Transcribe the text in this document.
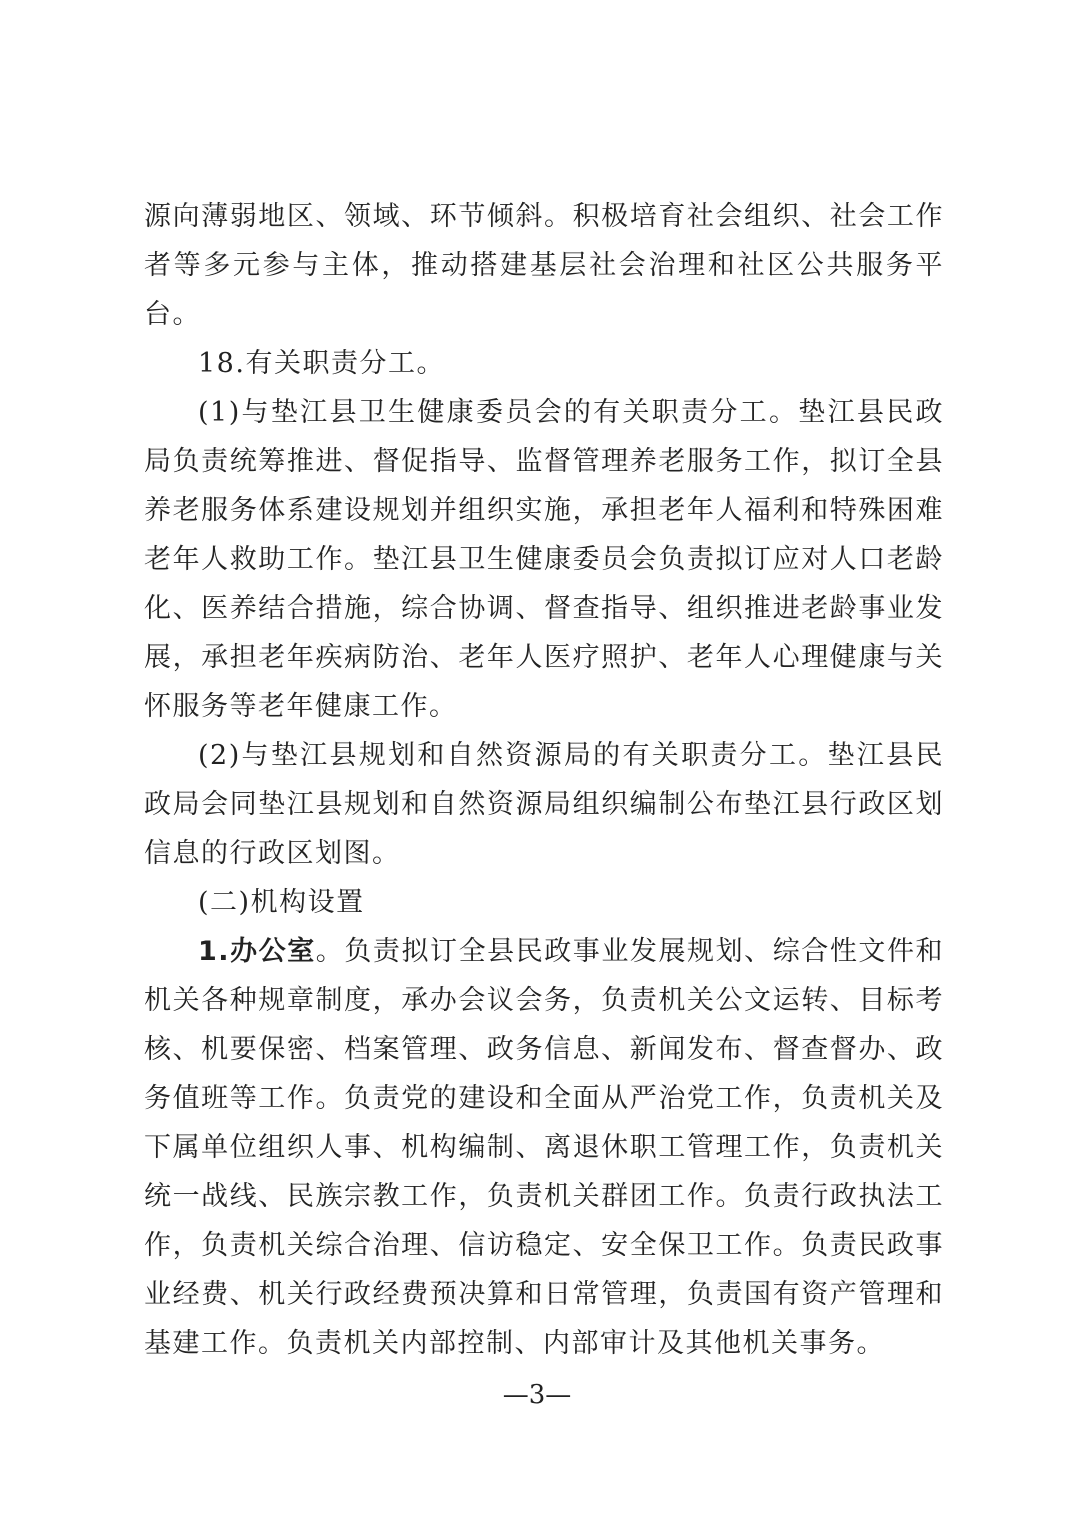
源向薄弱地区、领域、环节倾斜。积极培育社会组织、社会工作者等多元参与主体，推动搭建基层社会治理和社区公共服务平台。

18.有关职责分工。

(1)与垫江县卫生健康委员会的有关职责分工。垫江县民政局负责统筹推进、督促指导、监督管理养老服务工作，拟订全县养老服务体系建设规划并组织实施，承担老年人福利和特殊困难老年人救助工作。垫江县卫生健康委员会负责拟订应对人口老龄化、医养结合措施，综合协调、督查指导、组织推进老龄事业发展，承担老年疾病防治、老年人医疗照护、老年人心理健康与关怀服务等老年健康工作。

(2)与垫江县规划和自然资源局的有关职责分工。垫江县民政局会同垫江县规划和自然资源局组织编制公布垫江县行政区划信息的行政区划图。

(二)机构设置

1.办公室。负责拟订全县民政事业发展规划、综合性文件和机关各种规章制度，承办会议会务，负责机关公文运转、目标考核、机要保密、档案管理、政务信息、新闻发布、督查督办、政务值班等工作。负责党的建设和全面从严治党工作，负责机关及下属单位组织人事、机构编制、离退休职工管理工作，负责机关统一战线、民族宗教工作，负责机关群团工作。负责行政执法工作，负责机关综合治理、信访稳定、安全保卫工作。负责民政事业经费、机关行政经费预决算和日常管理，负责国有资产管理和基建工作。负责机关内部控制、内部审计及其他机关事务。

—3—
